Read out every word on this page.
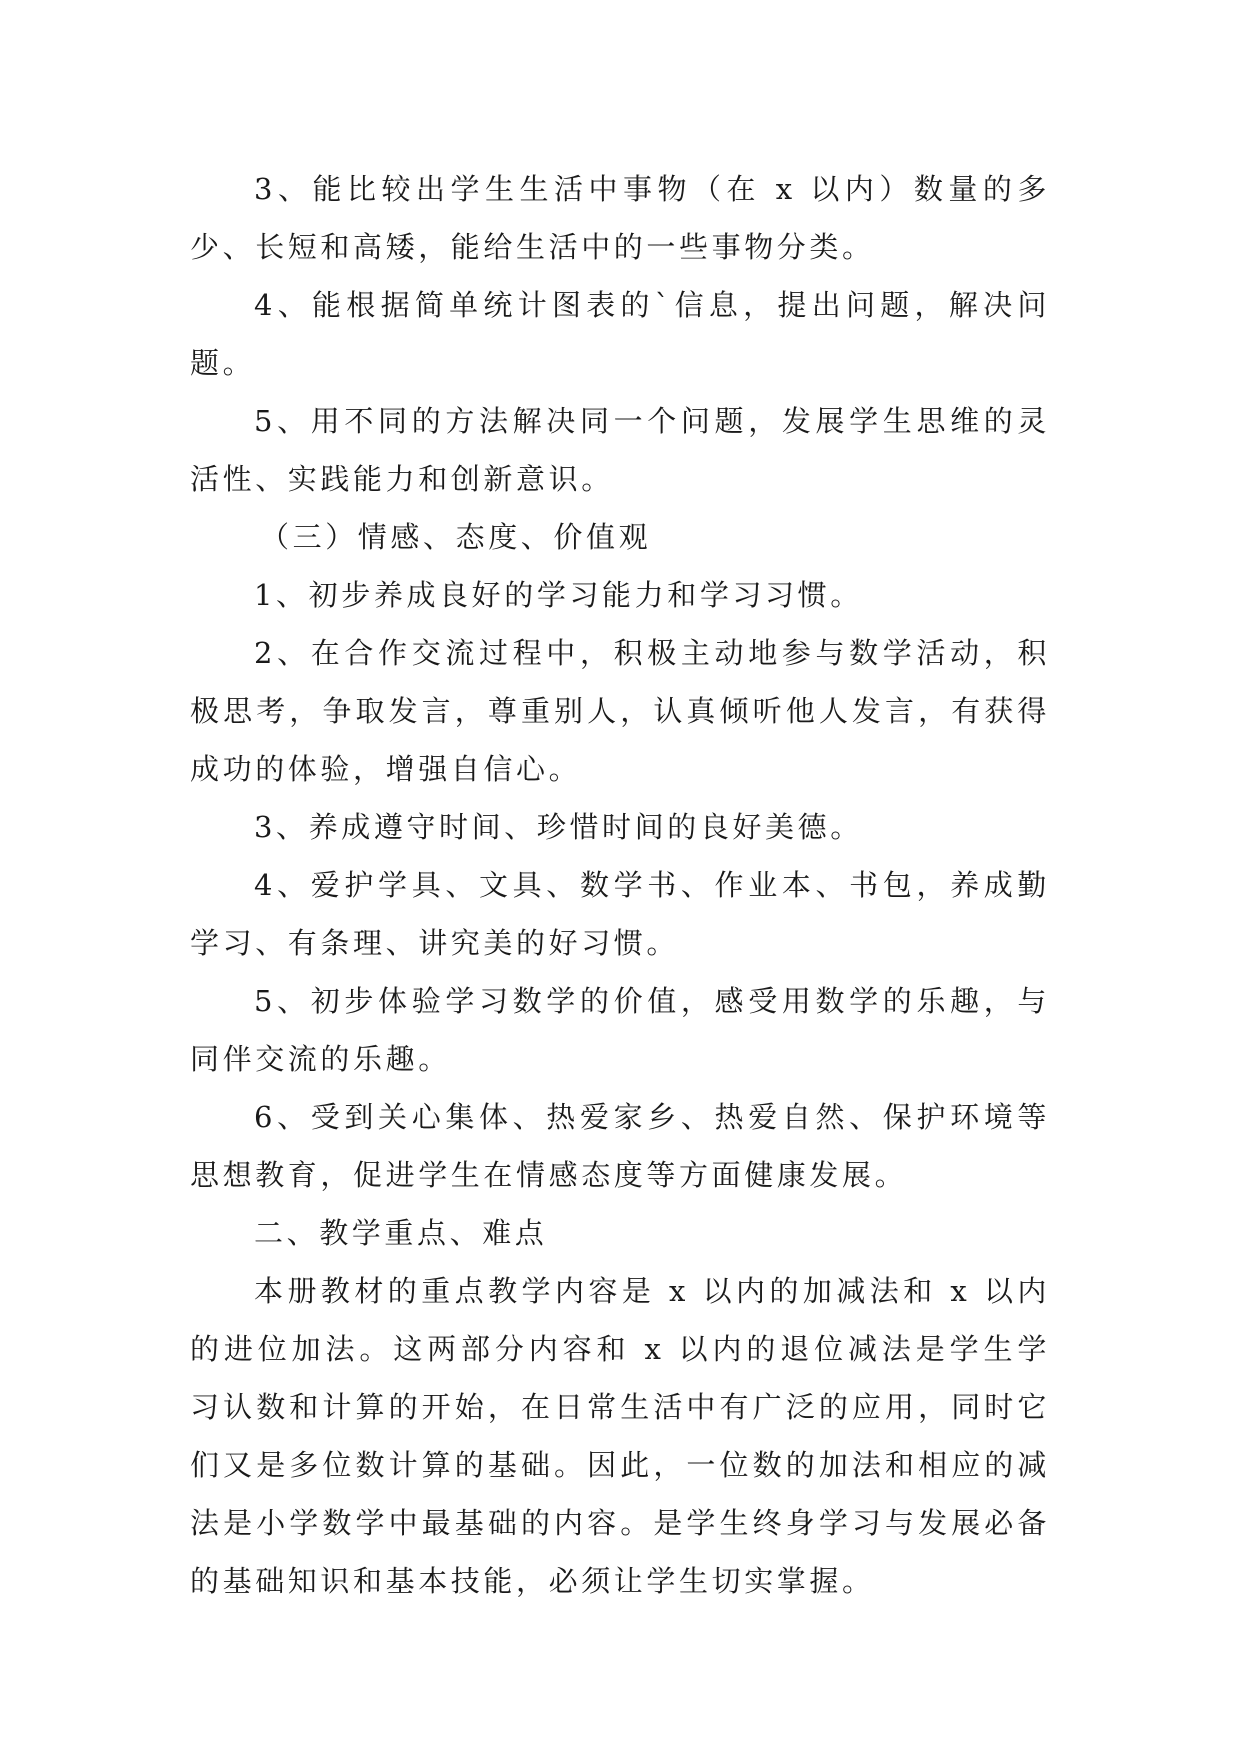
3、能比较出学生生活中事物（在 x 以内）数量的多少、长短和高矮，能给生活中的一些事物分类。

4、能根据简单统计图表的`信息，提出问题，解决问题。

5、用不同的方法解决同一个问题，发展学生思维的灵活性、实践能力和创新意识。

（三）情感、态度、价值观

1、初步养成良好的学习能力和学习习惯。

2、在合作交流过程中，积极主动地参与数学活动，积极思考，争取发言，尊重别人，认真倾听他人发言，有获得成功的体验，增强自信心。

3、养成遵守时间、珍惜时间的良好美德。

4、爱护学具、文具、数学书、作业本、书包，养成勤学习、有条理、讲究美的好习惯。

5、初步体验学习数学的价值，感受用数学的乐趣，与同伴交流的乐趣。

6、受到关心集体、热爱家乡、热爱自然、保护环境等思想教育，促进学生在情感态度等方面健康发展。

二、教学重点、难点

本册教材的重点教学内容是 x 以内的加减法和 x 以内的进位加法。这两部分内容和 x 以内的退位减法是学生学习认数和计算的开始，在日常生活中有广泛的应用，同时它们又是多位数计算的基础。因此，一位数的加法和相应的减法是小学数学中最基础的内容。是学生终身学习与发展必备的基础知识和基本技能，必须让学生切实掌握。
